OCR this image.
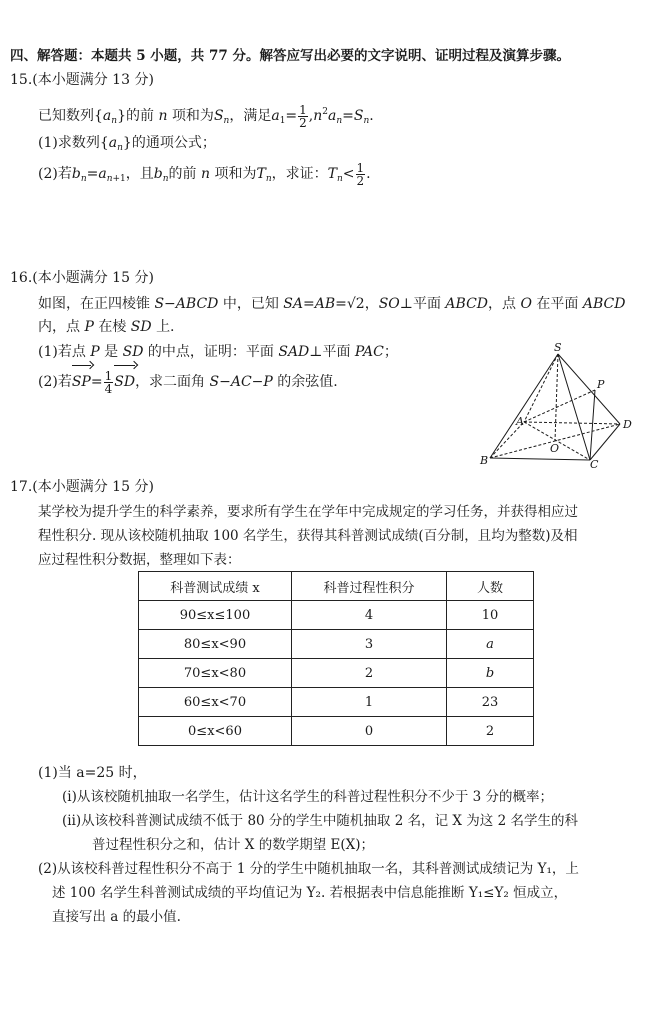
四、解答题：本题共 5 小题，共 77 分。解答应写出必要的文字说明、证明过程及演算步骤。
15.(本小题满分 13 分)
已知数列$\{a_n\}$的前 n 项和为$S_n$，满足$a_1= \frac{1}{2} ,n^2a_n=S_n$.
(1)求数列$\{a_n\}$的通项公式；
(2)若$b_n=a_{n+1}$，且$b_n$的前 n 项和为$T_n$，求证：$T_n< \frac{1}{2}$ .
16.(本小题满分 15 分)
如图，在正四棱锥 S−ABCD 中，已知 SA=AB=√2，SO⊥平面 ABCD，点 O 在平面 ABCD
内，点 P 在棱 SD 上.
(1)若点 P 是 SD 的中点，证明：平面 SAD⊥平面 PAC；
(2)若$SP= \frac{1}{4}$ SD，求二面角 S−AC−P 的余弦值.
S
P
A	D
O
B	C
17.(本小题满分 15 分)
某学校为提升学生的科学素养，要求所有学生在学年中完成规定的学习任务，并获得相应过
程性积分. 现从该校随机抽取 100 名学生，获得其科普测试成绩(百分制，且均为整数)及相
应过程性积分数据，整理如下表：
科普测试成绩 x	科普过程性积分	人数
90≤x≤100	4	10
80≤x<90	3	a
70≤x<80	2	b
60≤x<70	1	23
0≤x<60	0	2
(1)当 a=25 时，
(ⅰ)从该校随机抽取一名学生，估计这名学生的科普过程性积分不少于 3 分的概率；
(ⅱ)从该校科普测试成绩不低于 80 分的学生中随机抽取 2 名，记 X 为这 2 名学生的科
普过程性积分之和，估计 X 的数学期望 E(X)；
(2)从该校科普过程性积分不高于 1 分的学生中随机抽取一名，其科普测试成绩记为 Y₁，上
述 100 名学生科普测试成绩的平均值记为 Y₂. 若根据表中信息能推断 Y₁≤Y₂ 恒成立，
直接写出 a 的最小值.
